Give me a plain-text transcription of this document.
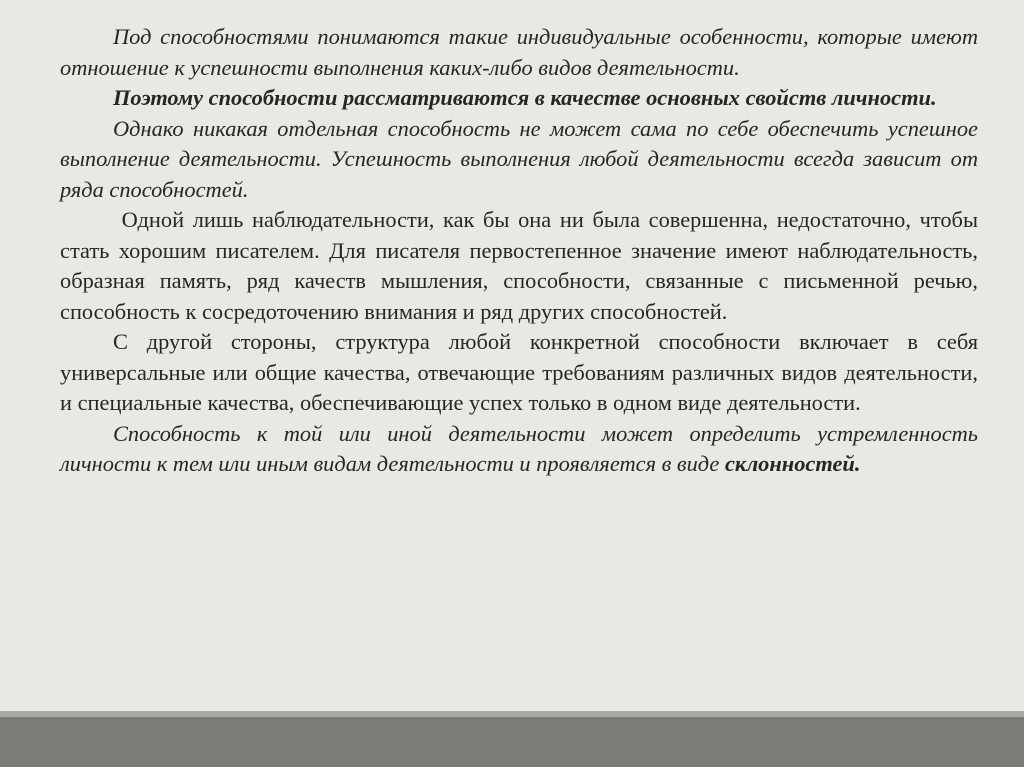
Под способностями понимаются такие индивидуальные особенности, которые имеют отношение к успешности выполнения каких-либо видов деятельности.

Поэтому способности рассматриваются в качестве основных свойств личности.

Однако никакая отдельная способность не может сама по себе обеспечить успешное выполнение деятельности. Успешность выполнения любой деятельности всегда зависит от ряда способностей.

Одной лишь наблюдательности, как бы она ни была совершенна, недостаточно, чтобы стать хорошим писателем. Для писателя первостепенное значение имеют наблюдательность, образная память, ряд качеств мышления, способности, связанные с письменной речью, способность к сосредоточению внимания и ряд других способностей.

С другой стороны, структура любой конкретной способности включает в себя универсальные или общие качества, отвечающие требованиям различных видов деятельности, и специальные качества, обеспечивающие успех только в одном виде деятельности.

Способность к той или иной деятельности может определить устремленность личности к тем или иным видам деятельности и проявляется в виде склонностей.
